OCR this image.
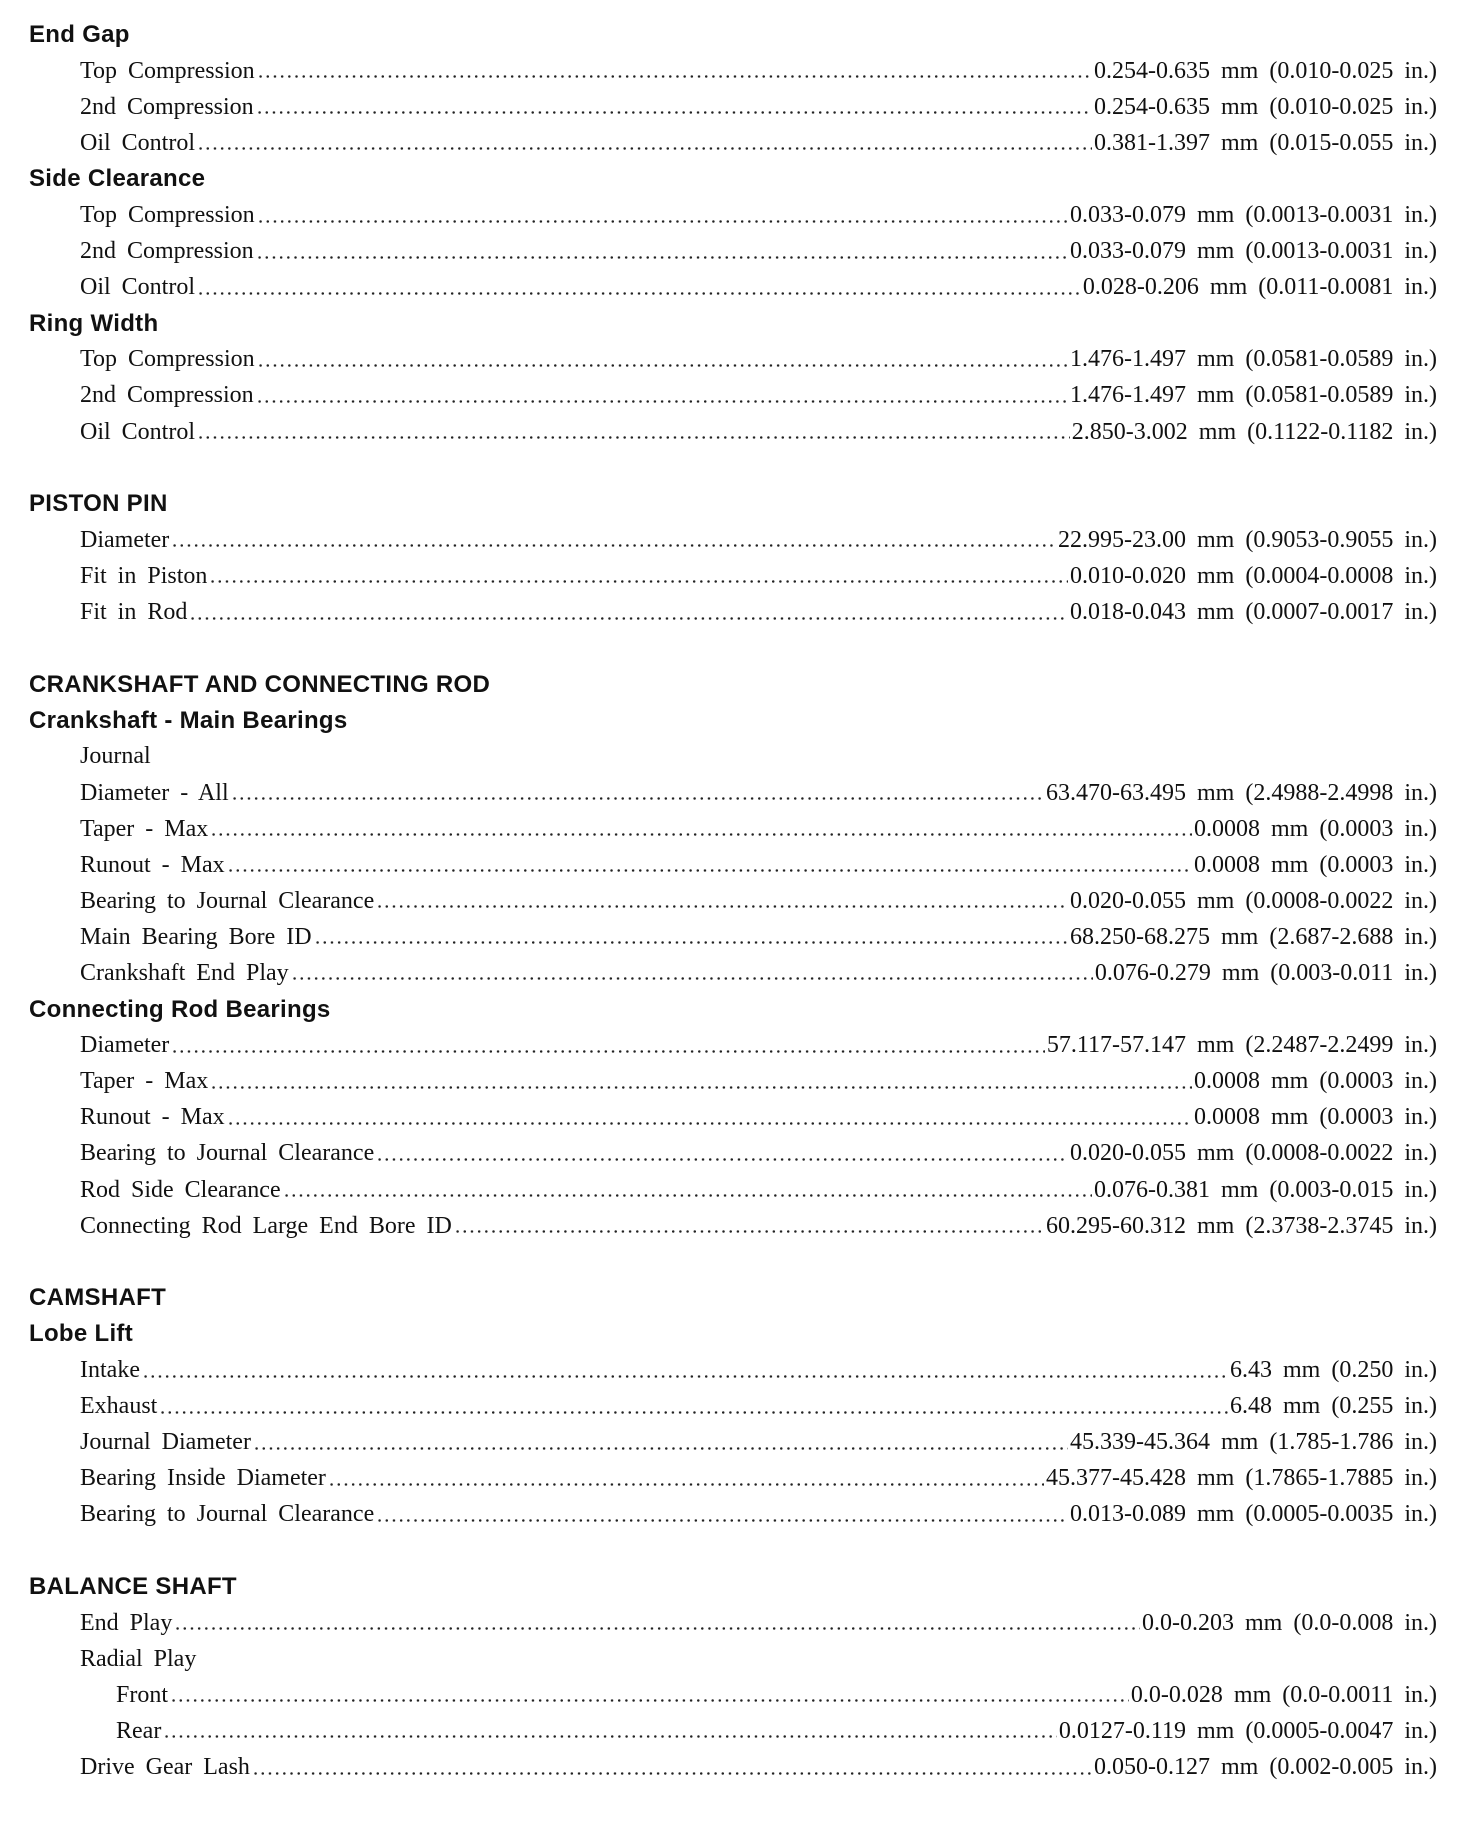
End Gap
Top Compression	0.254-0.635 mm (0.010-0.025 in.)
2nd Compression	0.254-0.635 mm (0.010-0.025 in.)
Oil Control	0.381-1.397 mm (0.015-0.055 in.)
Side Clearance
Top Compression	0.033-0.079 mm (0.0013-0.0031 in.)
2nd Compression	0.033-0.079 mm (0.0013-0.0031 in.)
Oil Control	0.028-0.206 mm (0.011-0.0081 in.)
Ring Width
Top Compression	1.476-1.497 mm (0.0581-0.0589 in.)
2nd Compression	1.476-1.497 mm (0.0581-0.0589 in.)
Oil Control	2.850-3.002 mm (0.1122-0.1182 in.)
PISTON PIN
Diameter	22.995-23.00 mm (0.9053-0.9055 in.)
Fit in Piston	0.010-0.020 mm (0.0004-0.0008 in.)
Fit in Rod	0.018-0.043 mm (0.0007-0.0017 in.)
CRANKSHAFT AND CONNECTING ROD
Crankshaft - Main Bearings
Journal
Diameter - All	63.470-63.495 mm (2.4988-2.4998 in.)
Taper - Max	0.0008 mm (0.0003 in.)
Runout - Max	0.0008 mm (0.0003 in.)
Bearing to Journal Clearance	0.020-0.055 mm (0.0008-0.0022 in.)
Main Bearing Bore ID	68.250-68.275 mm (2.687-2.688 in.)
Crankshaft End Play	0.076-0.279 mm (0.003-0.011 in.)
Connecting Rod Bearings
Diameter	57.117-57.147 mm (2.2487-2.2499 in.)
Taper - Max	0.0008 mm (0.0003 in.)
Runout - Max	0.0008 mm (0.0003 in.)
Bearing to Journal Clearance	0.020-0.055 mm (0.0008-0.0022 in.)
Rod Side Clearance	0.076-0.381 mm (0.003-0.015 in.)
Connecting Rod Large End Bore ID	60.295-60.312 mm (2.3738-2.3745 in.)
CAMSHAFT
Lobe Lift
Intake	6.43 mm (0.250 in.)
Exhaust	6.48 mm (0.255 in.)
Journal Diameter	45.339-45.364 mm (1.785-1.786 in.)
Bearing Inside Diameter	45.377-45.428 mm (1.7865-1.7885 in.)
Bearing to Journal Clearance	0.013-0.089 mm (0.0005-0.0035 in.)
BALANCE SHAFT
End Play	0.0-0.203 mm (0.0-0.008 in.)
Radial Play
Front	0.0-0.028 mm (0.0-0.0011 in.)
Rear	0.0127-0.119 mm (0.0005-0.0047 in.)
Drive Gear Lash	0.050-0.127 mm (0.002-0.005 in.)
